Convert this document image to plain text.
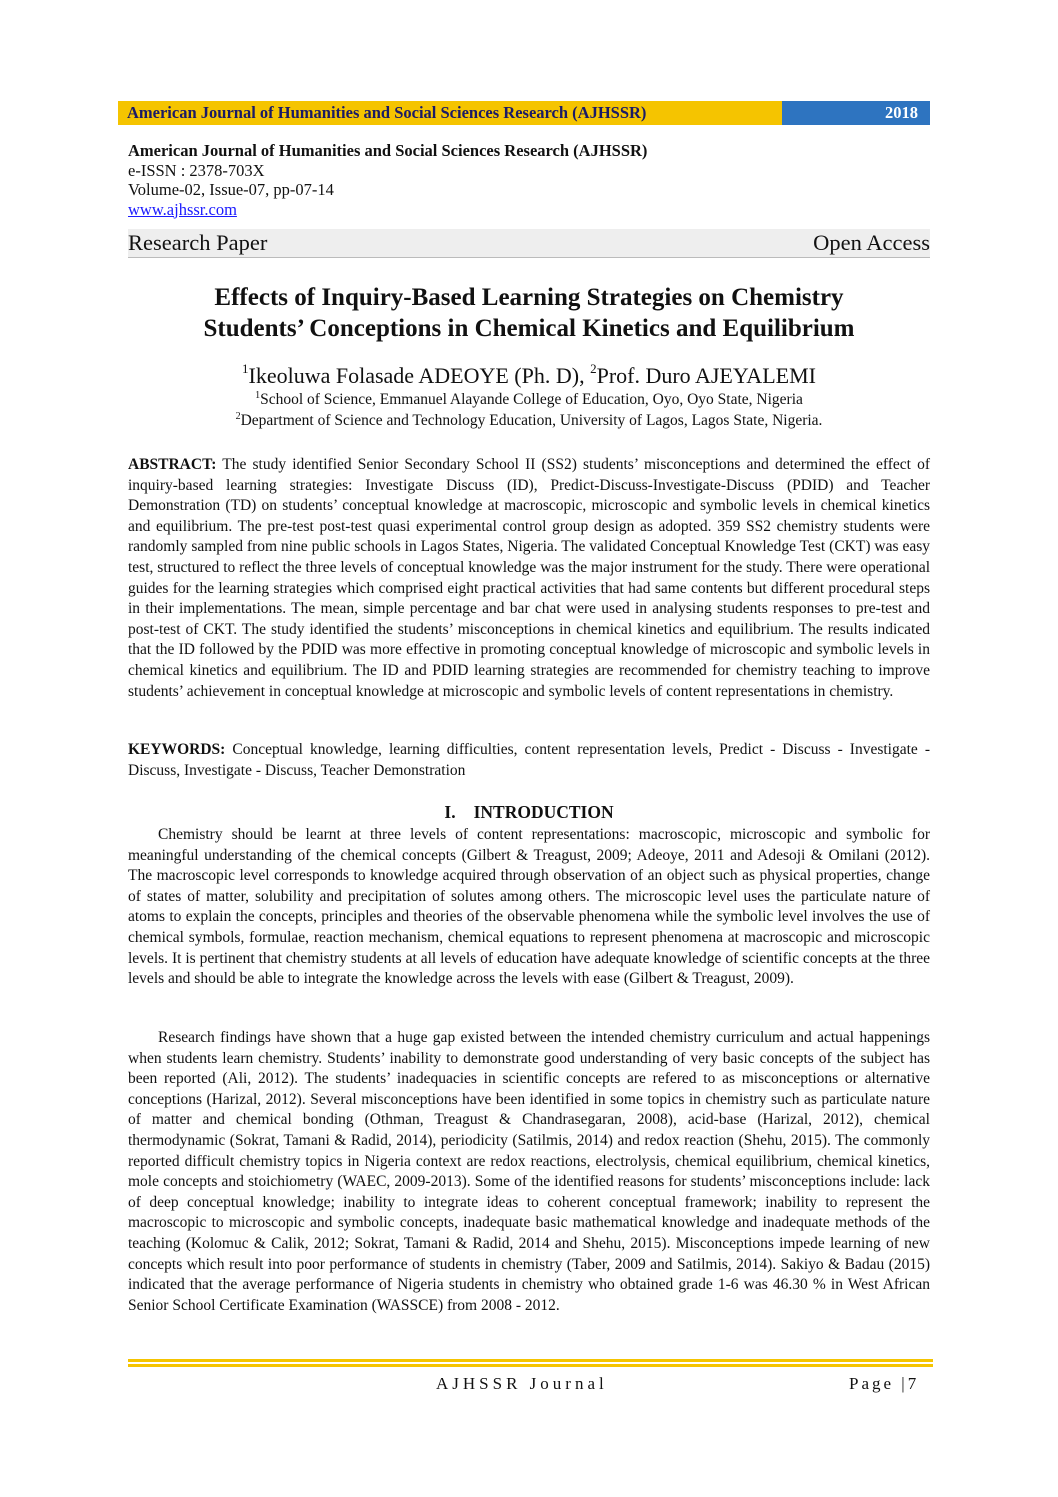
American Journal of Humanities and Social Sciences Research (AJHSSR)	2018
American Journal of Humanities and Social Sciences Research (AJHSSR)
e-ISSN : 2378-703X
Volume-02, Issue-07, pp-07-14
www.ajhssr.com
Research Paper	Open Access
Effects of Inquiry-Based Learning Strategies on Chemistry
Students’ Conceptions in Chemical Kinetics and Equilibrium
$^1$Ikeoluwa Folasade ADEOYE (Ph. D), $^2$Prof. Duro AJEYALEMI
$^1$School of Science, Emmanuel Alayande College of Education, Oyo, Oyo State, Nigeria
$^2$Department of Science and Technology Education, University of Lagos, Lagos State, Nigeria.
ABSTRACT: The study identified Senior Secondary School II (SS2) students’ misconceptions and determined the effect of inquiry-based learning strategies: Investigate Discuss (ID), Predict-Discuss-Investigate-Discuss (PDID) and Teacher Demonstration (TD) on students’ conceptual knowledge at macroscopic, microscopic and symbolic levels in chemical kinetics and equilibrium. The pre-test post-test quasi experimental control group design as adopted. 359 SS2 chemistry students were randomly sampled from nine public schools in Lagos States, Nigeria. The validated Conceptual Knowledge Test (CKT) was easy test, structured to reflect the three levels of conceptual knowledge was the major instrument for the study. There were operational guides for the learning strategies which comprised eight practical activities that had same contents but different procedural steps in their implementations. The mean, simple percentage and bar chat were used in analysing students responses to pre-test and post-test of CKT. The study identified the students’ misconceptions in chemical kinetics and equilibrium. The results indicated that the ID followed by the PDID was more effective in promoting conceptual knowledge of microscopic and symbolic levels in chemical kinetics and equilibrium. The ID and PDID learning strategies are recommended for chemistry teaching to improve students’ achievement in conceptual knowledge at microscopic and symbolic levels of content representations in chemistry.
KEYWORDS: Conceptual knowledge, learning difficulties, content representation levels, Predict - Discuss - Investigate - Discuss, Investigate - Discuss, Teacher Demonstration
I. INTRODUCTION

Chemistry should be learnt at three levels of content representations: macroscopic, microscopic and symbolic for meaningful understanding of the chemical concepts (Gilbert & Treagust, 2009; Adeoye, 2011 and Adesoji & Omilani (2012). The macroscopic level corresponds to knowledge acquired through observation of an object such as physical properties, change of states of matter, solubility and precipitation of solutes among others. The microscopic level uses the particulate nature of atoms to explain the concepts, principles and theories of the observable phenomena while the symbolic level involves the use of chemical symbols, formulae, reaction mechanism, chemical equations to represent phenomena at macroscopic and microscopic levels. It is pertinent that chemistry students at all levels of education have adequate knowledge of scientific concepts at the three levels and should be able to integrate the knowledge across the levels with ease (Gilbert & Treagust, 2009).

Research findings have shown that a huge gap existed between the intended chemistry curriculum and actual happenings when students learn chemistry. Students’ inability to demonstrate good understanding of very basic concepts of the subject has been reported (Ali, 2012). The students’ inadequacies in scientific concepts are refered to as misconceptions or alternative conceptions (Harizal, 2012). Several misconceptions have been identified in some topics in chemistry such as particulate nature of matter and chemical bonding (Othman, Treagust & Chandrasegaran, 2008), acid-base (Harizal, 2012), chemical thermodynamic (Sokrat, Tamani & Radid, 2014), periodicity (Satilmis, 2014) and redox reaction (Shehu, 2015). The commonly reported difficult chemistry topics in Nigeria context are redox reactions, electrolysis, chemical equilibrium, chemical kinetics, mole concepts and stoichiometry (WAEC, 2009-2013). Some of the identified reasons for students’ misconceptions include: lack of deep conceptual knowledge; inability to integrate ideas to coherent conceptual framework; inability to represent the macroscopic to microscopic and symbolic concepts, inadequate basic mathematical knowledge and inadequate methods of the teaching (Kolomuc & Calik, 2012; Sokrat, Tamani & Radid, 2014 and Shehu, 2015). Misconceptions impede learning of new concepts which result into poor performance of students in chemistry (Taber, 2009 and Satilmis, 2014). Sakiyo & Badau (2015) indicated that the average performance of Nigeria students in chemistry who obtained grade 1-6 was 46.30 % in West African Senior School Certificate Examination (WASSCE) from 2008 - 2012.

AJHSSR Journal	Page |7
